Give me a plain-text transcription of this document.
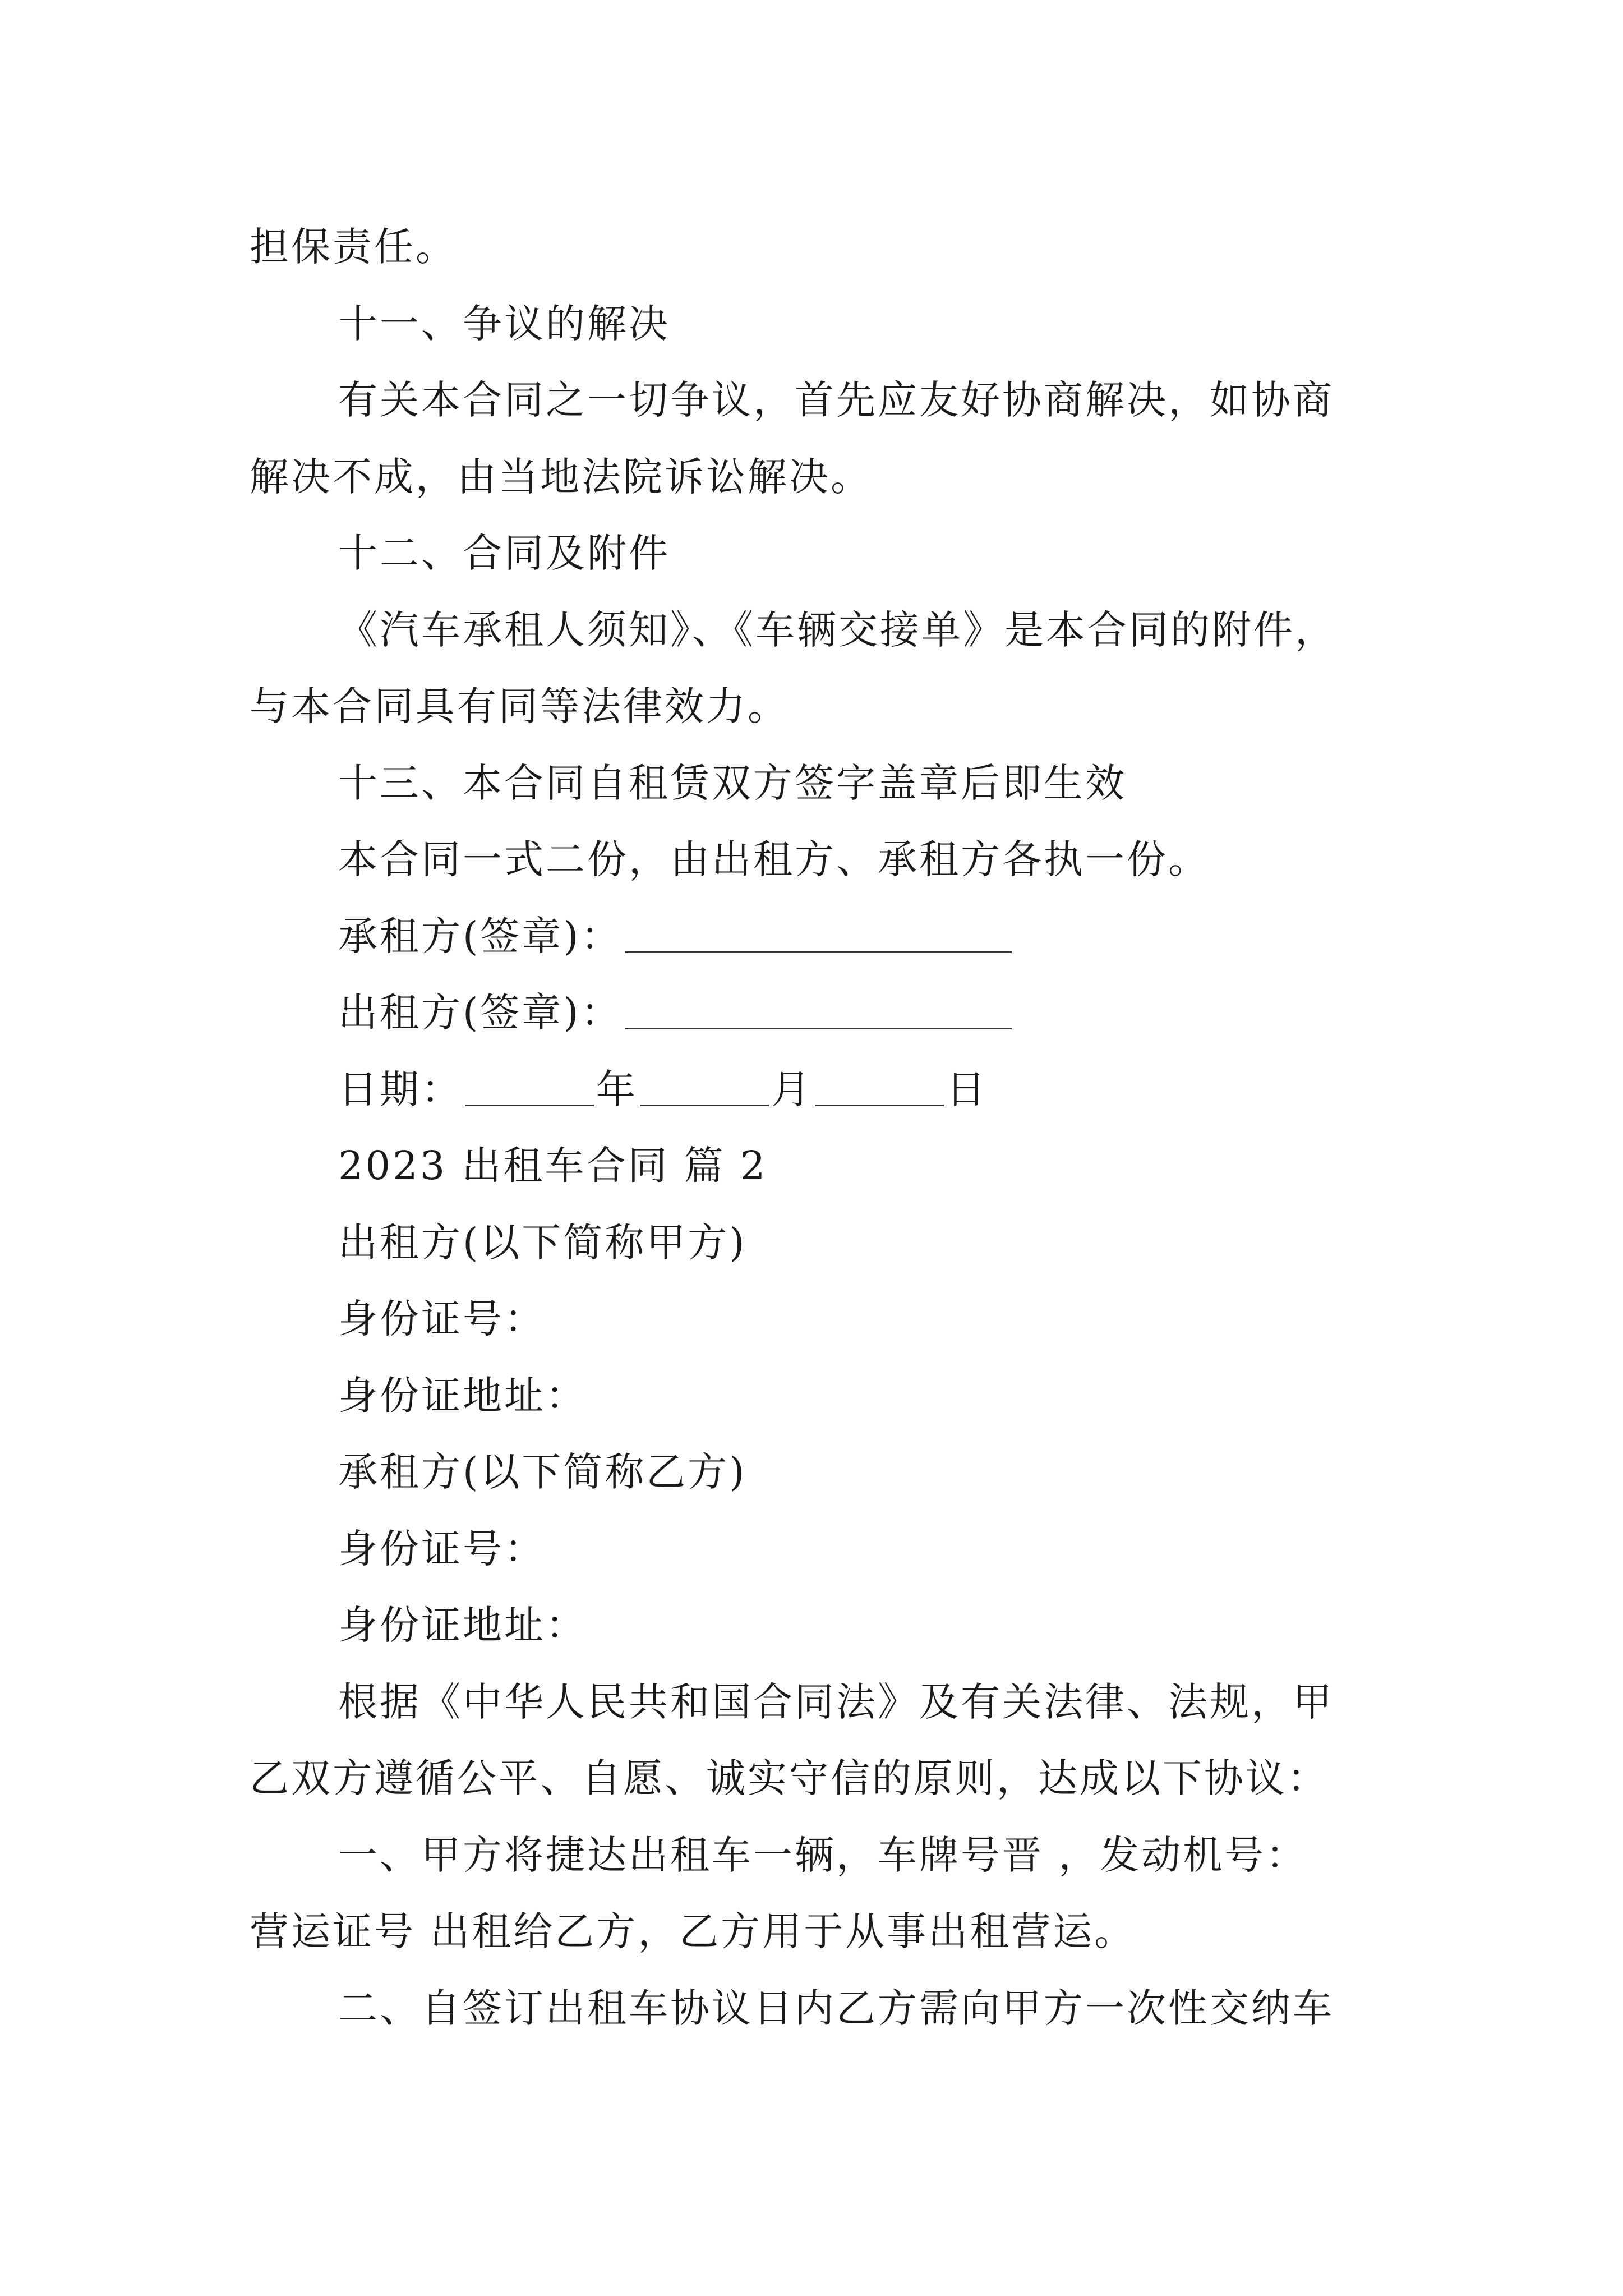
担保责任。
十一、争议的解决
有关本合同之一切争议，首先应友好协商解决，如协商
解决不成，由当地法院诉讼解决。
十二、合同及附件
《汽车承租人须知》、《车辆交接单》是本合同的附件，
与本合同具有同等法律效力。
十三、本合同自租赁双方签字盖章后即生效
本合同一式二份，由出租方、承租方各执一份。
承租方(签章)：
出租方(签章)：
日期：	年	月	日
2023 出租车合同 篇 2
出租方(以下简称甲方)
身份证号：
身份证地址：
承租方(以下简称乙方)
身份证号：
身份证地址：
根据《中华人民共和国合同法》及有关法律、法规，甲
乙双方遵循公平、自愿、诚实守信的原则，达成以下协议：
一、甲方将捷达出租车一辆，车牌号晋 ，发动机号：
营运证号 出租给乙方，乙方用于从事出租营运。
二、自签订出租车协议日内乙方需向甲方一次性交纳车
